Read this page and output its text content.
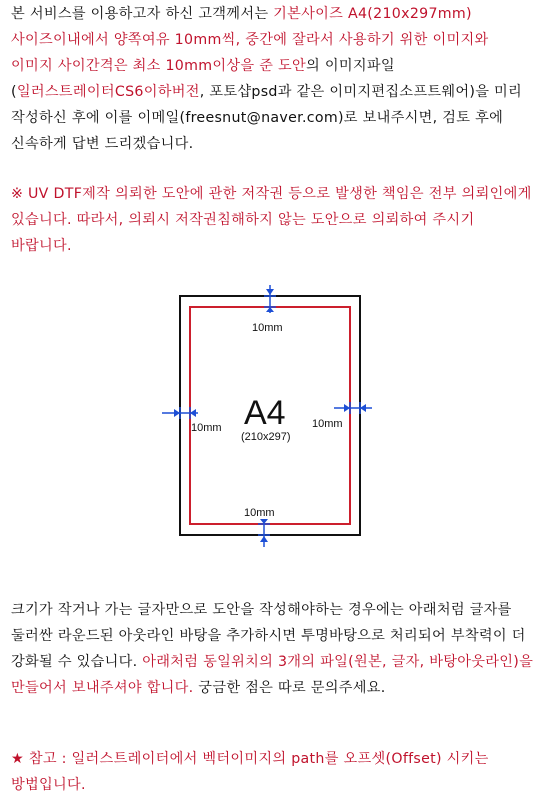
본 서비스를 이용하고자 하신 고객께서는 기본사이즈 A4(210x297mm) 사이즈이내에서 양쪽여유 10mm씩, 중간에 잘라서 사용하기 위한 이미지와 이미지 사이간격은 최소 10mm이상을 준 도안의 이미지파일(일러스트레이터CS6이하버전, 포토샵psd과 같은 이미지편집소프트웨어)을 미리 작성하신 후에 이를 이메일(freesnut@naver.com)로 보내주시면, 검토 후에 신속하게 답변 드리겠습니다.
※ UV DTF제작 의뢰한 도안에 관한 저작권 등으로 발생한 책임은 전부 의뢰인에게 있습니다. 따라서, 의뢰시 저작권침해하지 않는 도안으로 의뢰하여 주시기 바랍니다.
10mm
10mm	10mm
10mm
A4
(210x297)
크기가 작거나 가는 글자만으로 도안을 작성해야하는 경우에는 아래처럼 글자를 둘러싼 라운드된 아웃라인 바탕을 추가하시면 투명바탕으로 처리되어 부착력이 더 강화될 수 있습니다. 아래처럼 동일위치의 3개의 파일(원본, 글자, 바탕아웃라인)을 만들어서 보내주셔야 합니다. 궁금한 점은 따로 문의주세요.
★ 참고 : 일러스트레이터에서 벡터이미지의 path를 오프셋(Offset) 시키는 방법입니다.
